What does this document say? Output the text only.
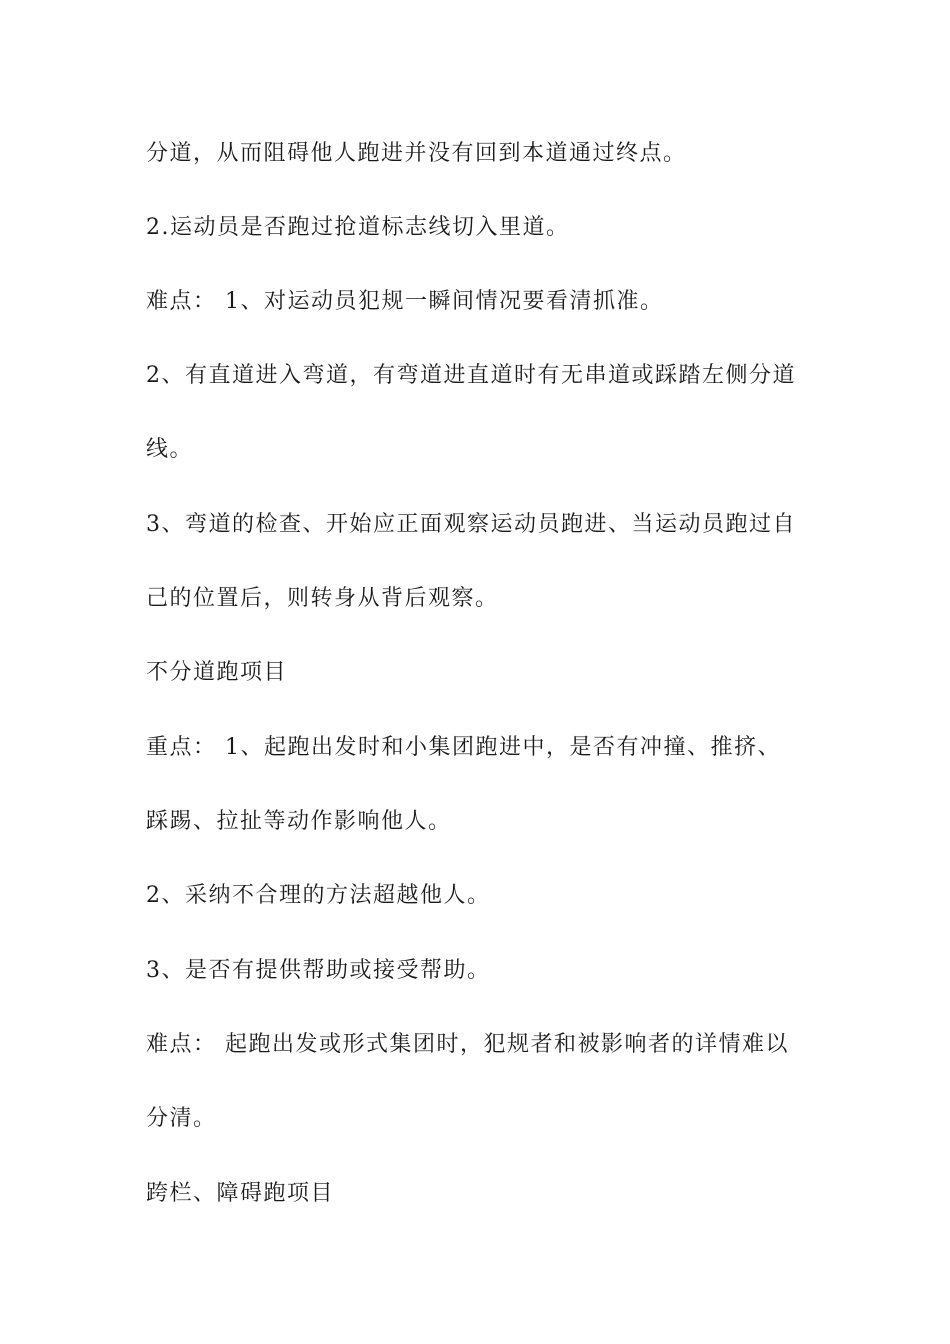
分道，从而阻碍他人跑进并没有回到本道通过终点。
2.运动员是否跑过抢道标志线切入里道。
难点： 1、对运动员犯规一瞬间情况要看清抓准。
2、有直道进入弯道，有弯道进直道时有无串道或踩踏左侧分道
线。
3、弯道的检查、开始应正面观察运动员跑进、当运动员跑过自
己的位置后，则转身从背后观察。
不分道跑项目
重点： 1、起跑出发时和小集团跑进中，是否有冲撞、推挤、
踩踢、拉扯等动作影响他人。
2、采纳不合理的方法超越他人。
3、是否有提供帮助或接受帮助。
难点： 起跑出发或形式集团时，犯规者和被影响者的详情难以
分清。
跨栏、障碍跑项目
